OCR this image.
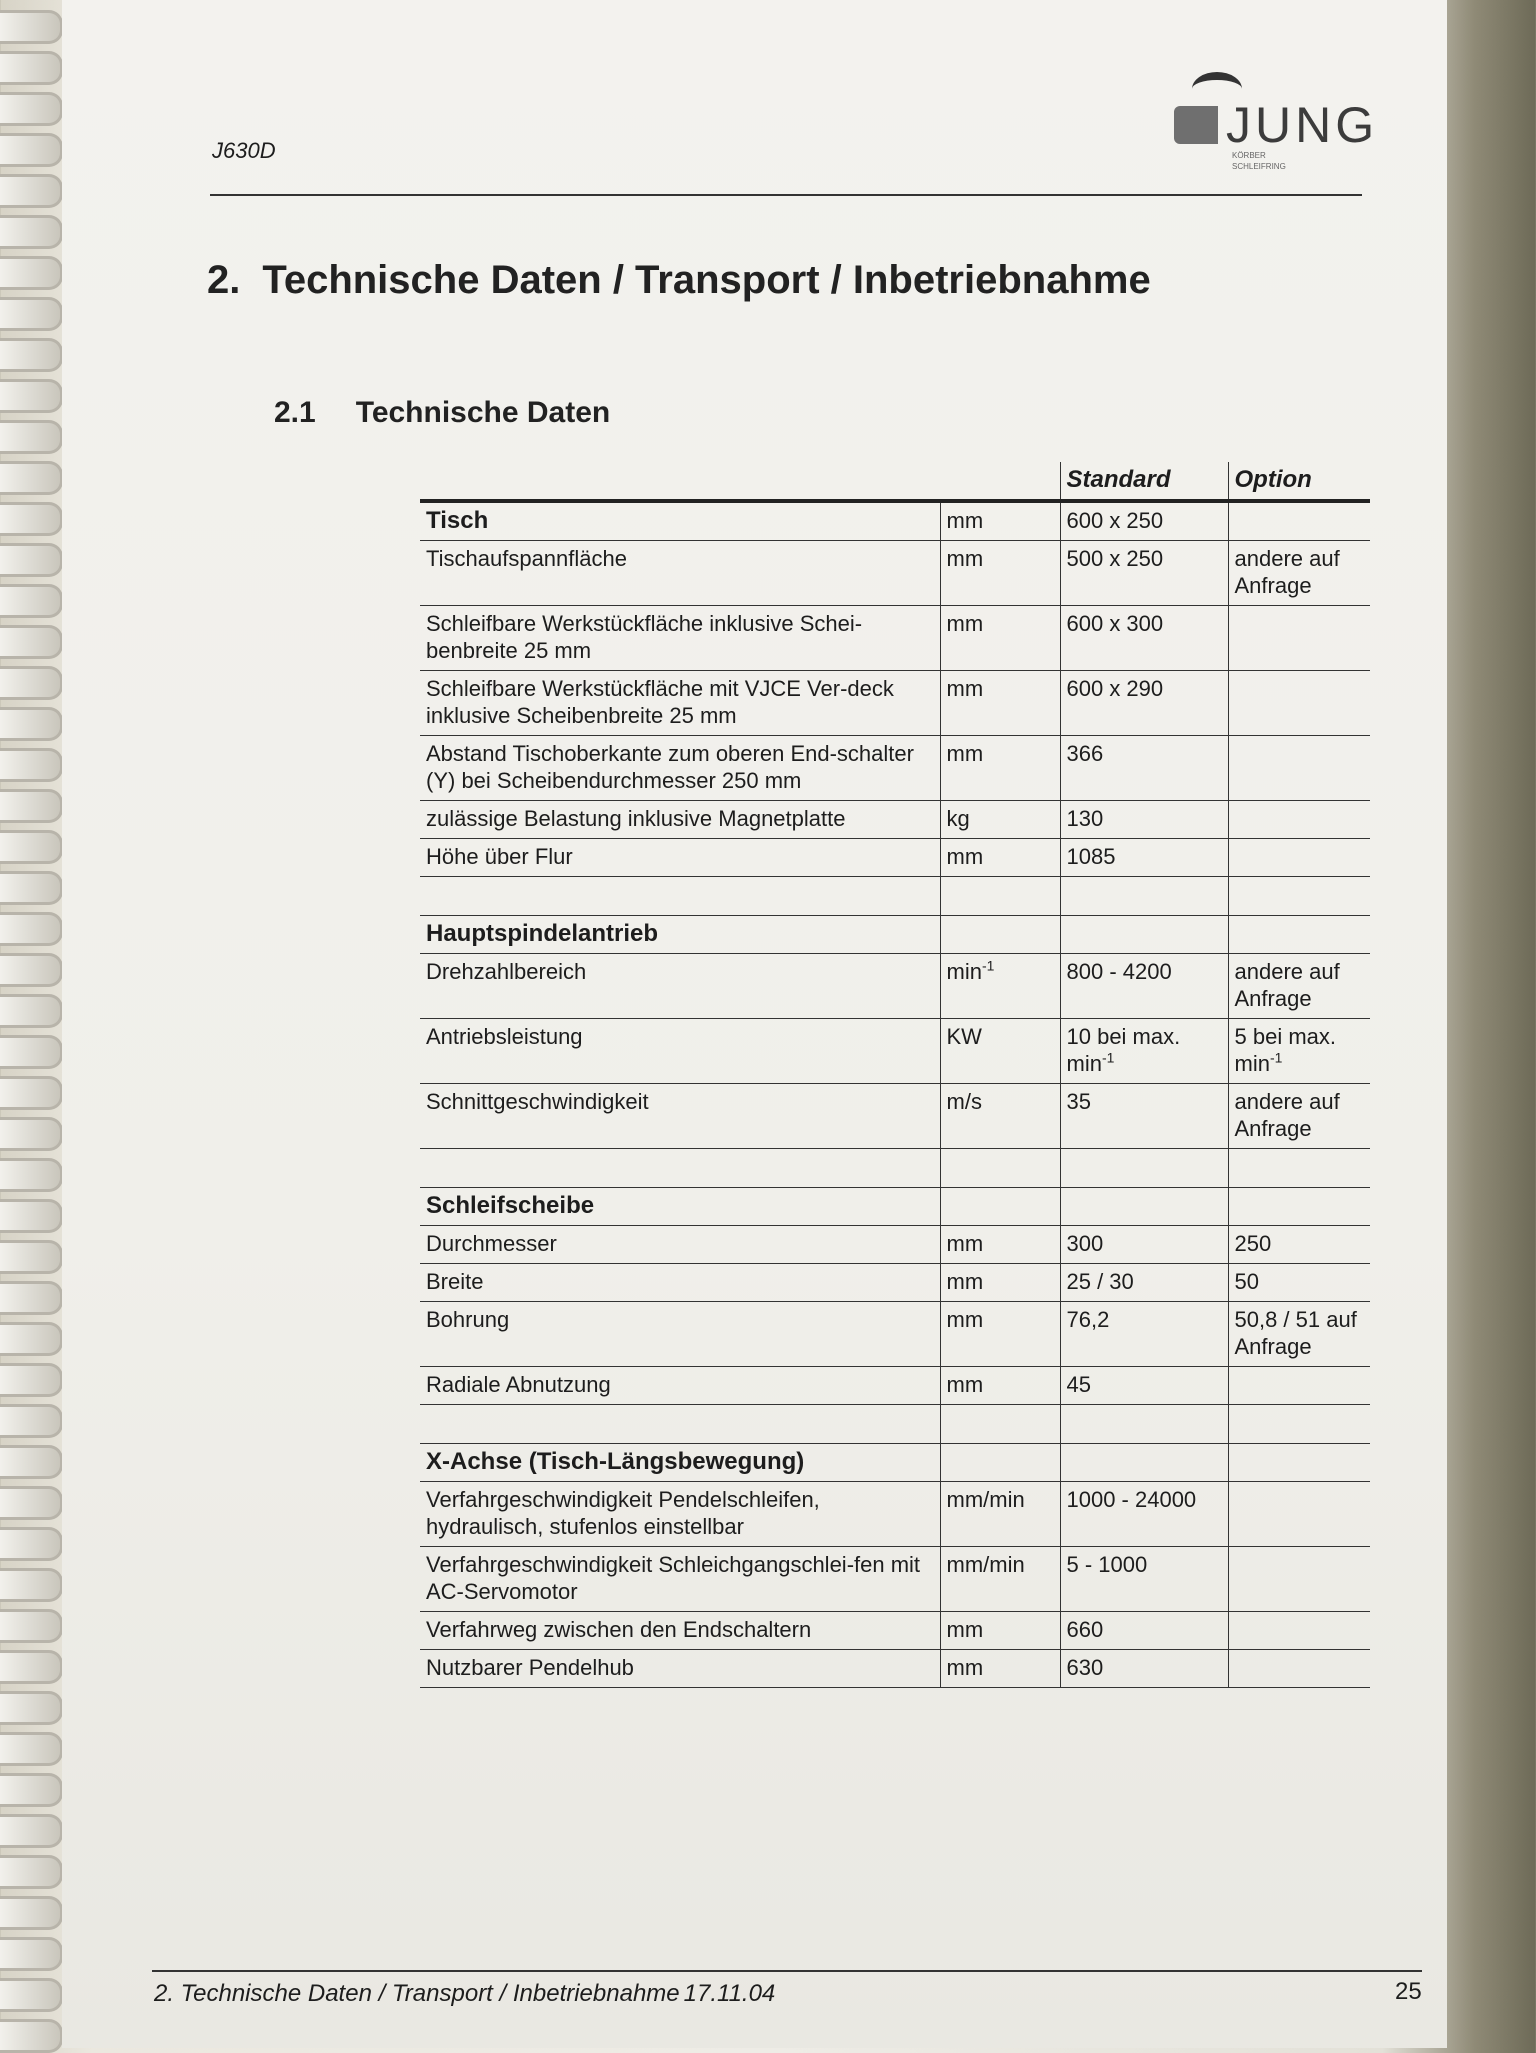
J630D	JUNG
KÖRBER
SCHLEIFRING
2. Technische Daten / Transport / Inbetriebnahme
2.1 Technische Daten
		Standard	Option
Tisch	mm	600 x 250	
Tischaufspannfläche	mm	500 x 250	andere auf Anfrage
Schleifbare Werkstückfläche inklusive Schei-benbreite 25 mm	mm	600 x 300	
Schleifbare Werkstückfläche mit VJCE Ver-deck inklusive Scheibenbreite 25 mm	mm	600 x 290	
Abstand Tischoberkante zum oberen End-schalter (Y) bei Scheibendurchmesser 250 mm	mm	366	
zulässige Belastung inklusive Magnetplatte	kg	130	
Höhe über Flur	mm	1085	

Hauptspindelantrieb			
Drehzahlbereich	$\min^{-1}$	800 - 4200	andere auf Anfrage
Antriebsleistung	KW	10 bei max. $\min^{-1}$	5 bei max. $\min^{-1}$
Schnittgeschwindigkeit	m/s	35	andere auf Anfrage

Schleifscheibe			
Durchmesser	mm	300	250
Breite	mm	25 / 30	50
Bohrung	mm	76,2	50,8 / 51 auf Anfrage
Radiale Abnutzung	mm	45	

X-Achse (Tisch-Längsbewegung)			
Verfahrgeschwindigkeit Pendelschleifen, hydraulisch, stufenlos einstellbar	mm/min	1000 - 24000	
Verfahrgeschwindigkeit Schleichgangschlei-fen mit AC-Servomotor	mm/min	5 - 1000	
Verfahrweg zwischen den Endschaltern	mm	660	
Nutzbarer Pendelhub	mm	630	
2. Technische Daten / Transport / Inbetriebnahme 17.11.04	25
